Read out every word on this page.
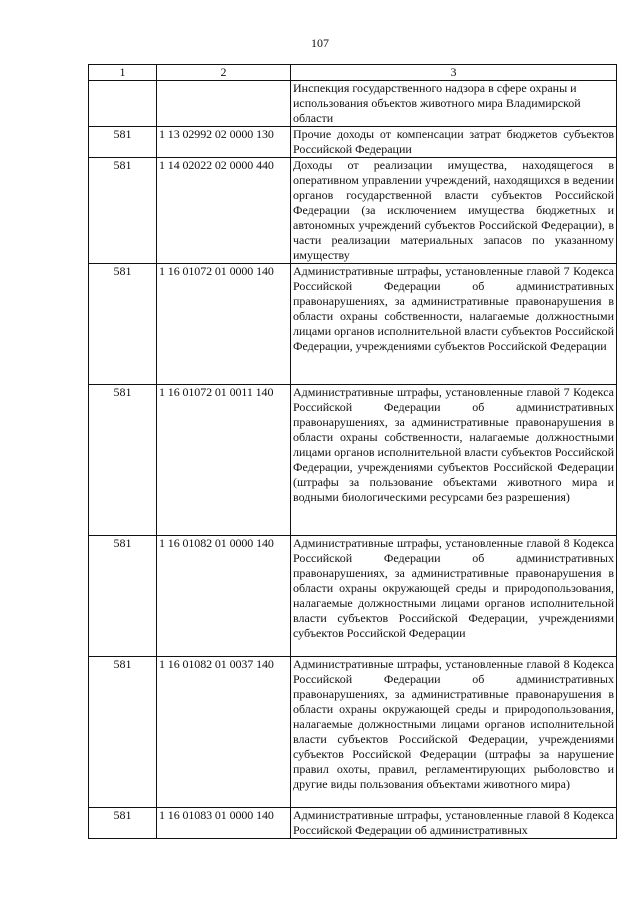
107
1	2	3
		Инспекция государственного надзора в сфере охраны и использования объектов животного мира Владимирской области
581	1 13 02992 02 0000 130	Прочие доходы от компенсации затрат бюджетов субъектов Российской Федерации
581	1 14 02022 02 0000 440	Доходы от реализации имущества, находящегося в оперативном управлении учреждений, находящихся в ведении органов государственной власти субъектов Российской Федерации (за исключением имущества бюджетных и автономных учреждений субъектов Российской Федерации), в части реализации материальных запасов по указанному имуществу
581	1 16 01072 01 0000 140	Административные штрафы, установленные главой 7 Кодекса Российской Федерации об административных правонарушениях, за административные правонарушения в области охраны собственности, налагаемые должностными лицами органов исполнительной власти субъектов Российской Федерации, учреждениями субъектов Российской Федерации
581	1 16 01072 01 0011 140	Административные штрафы, установленные главой 7 Кодекса Российской Федерации об административных правонарушениях, за административные правонарушения в области охраны собственности, налагаемые должностными лицами органов исполнительной власти субъектов Российской Федерации, учреждениями субъектов Российской Федерации (штрафы за пользование объектами животного мира и водными биологическими ресурсами без разрешения)
581	1 16 01082 01 0000 140	Административные штрафы, установленные главой 8 Кодекса Российской Федерации об административных правонарушениях, за административные правонарушения в области охраны окружающей среды и природопользования, налагаемые должностными лицами органов исполнительной власти субъектов Российской Федерации, учреждениями субъектов Российской Федерации
581	1 16 01082 01 0037 140	Административные штрафы, установленные главой 8 Кодекса Российской Федерации об административных правонарушениях, за административные правонарушения в области охраны окружающей среды и природопользования, налагаемые должностными лицами органов исполнительной власти субъектов Российской Федерации, учреждениями субъектов Российской Федерации (штрафы за нарушение правил охоты, правил, регламентирующих рыболовство и другие виды пользования объектами животного мира)
581	1 16 01083 01 0000 140	Административные штрафы, установленные главой 8 Кодекса Российской Федерации об административных
